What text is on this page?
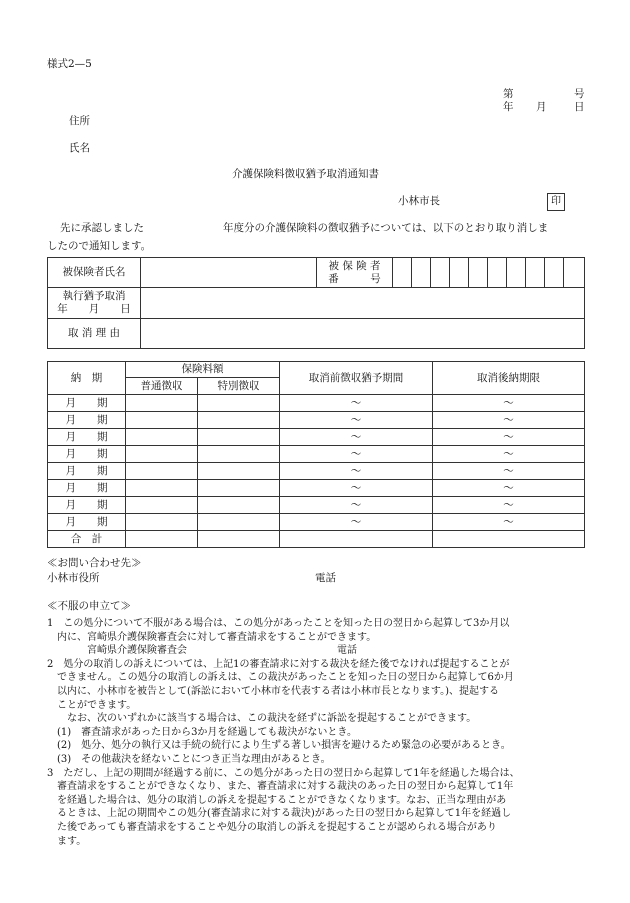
様式2—5
第	号
年 月	日
住所
氏名
介護保険料徴収猶予取消通知書
小林市長	印
先に承認しました	年度分の介護保険料の徴収猶予については、以下のとおり取り消しま
したので通知します。
被保険者氏名		被 保 険 者
番　　　号										

執行猶予取消
年　　月　　日												

取 消 理 由												
納　期	保険料額		取消前徴収猶予期間	取消後納期限
	普通徴収	特別徴収		
月　　期			〜	〜
月　　期			〜	〜
月　　期			〜	〜
月　　期			〜	〜
月　　期			〜	〜
月　　期			〜	〜
月　　期			〜	〜
月　　期			〜	〜
合　計				
≪お問い合わせ先≫
小林市役所	電話
≪不服の申立て≫

1　この処分について不服がある場合は、この処分があったことを知った日の翌日から起算して3か月以

　内に、宮崎県介護保険審査会に対して審査請求をすることができます。

　　　　宮崎県介護保険審査会　　　　　　　　　　　　　　　電話

2　処分の取消しの訴えについては、上記1の審査請求に対する裁決を経た後でなければ提起することが

　できません。この処分の取消しの訴えは、この裁決があったことを知った日の翌日から起算して6か月

　以内に、小林市を被告として(訴訟において小林市を代表する者は小林市長となります。)、提起する

　ことができます。

　　なお、次のいずれかに該当する場合は、この裁決を経ずに訴訟を提起することができます。

　(1)　審査請求があった日から3か月を経過しても裁決がないとき。

　(2)　処分、処分の執行又は手続の続行により生ずる著しい損害を避けるため緊急の必要があるとき。

　(3)　その他裁決を経ないことにつき正当な理由があるとき。

3　ただし、上記の期間が経過する前に、この処分があった日の翌日から起算して1年を経過した場合は、

　審査請求をすることができなくなり、また、審査請求に対する裁決のあった日の翌日から起算して1年

　を経過した場合は、処分の取消しの訴えを提起することができなくなります。なお、正当な理由があ

　るときは、上記の期間やこの処分(審査請求に対する裁決)があった日の翌日から起算して1年を経過し

　た後であっても審査請求をすることや処分の取消しの訴えを提起することが認められる場合があり

　ます。
